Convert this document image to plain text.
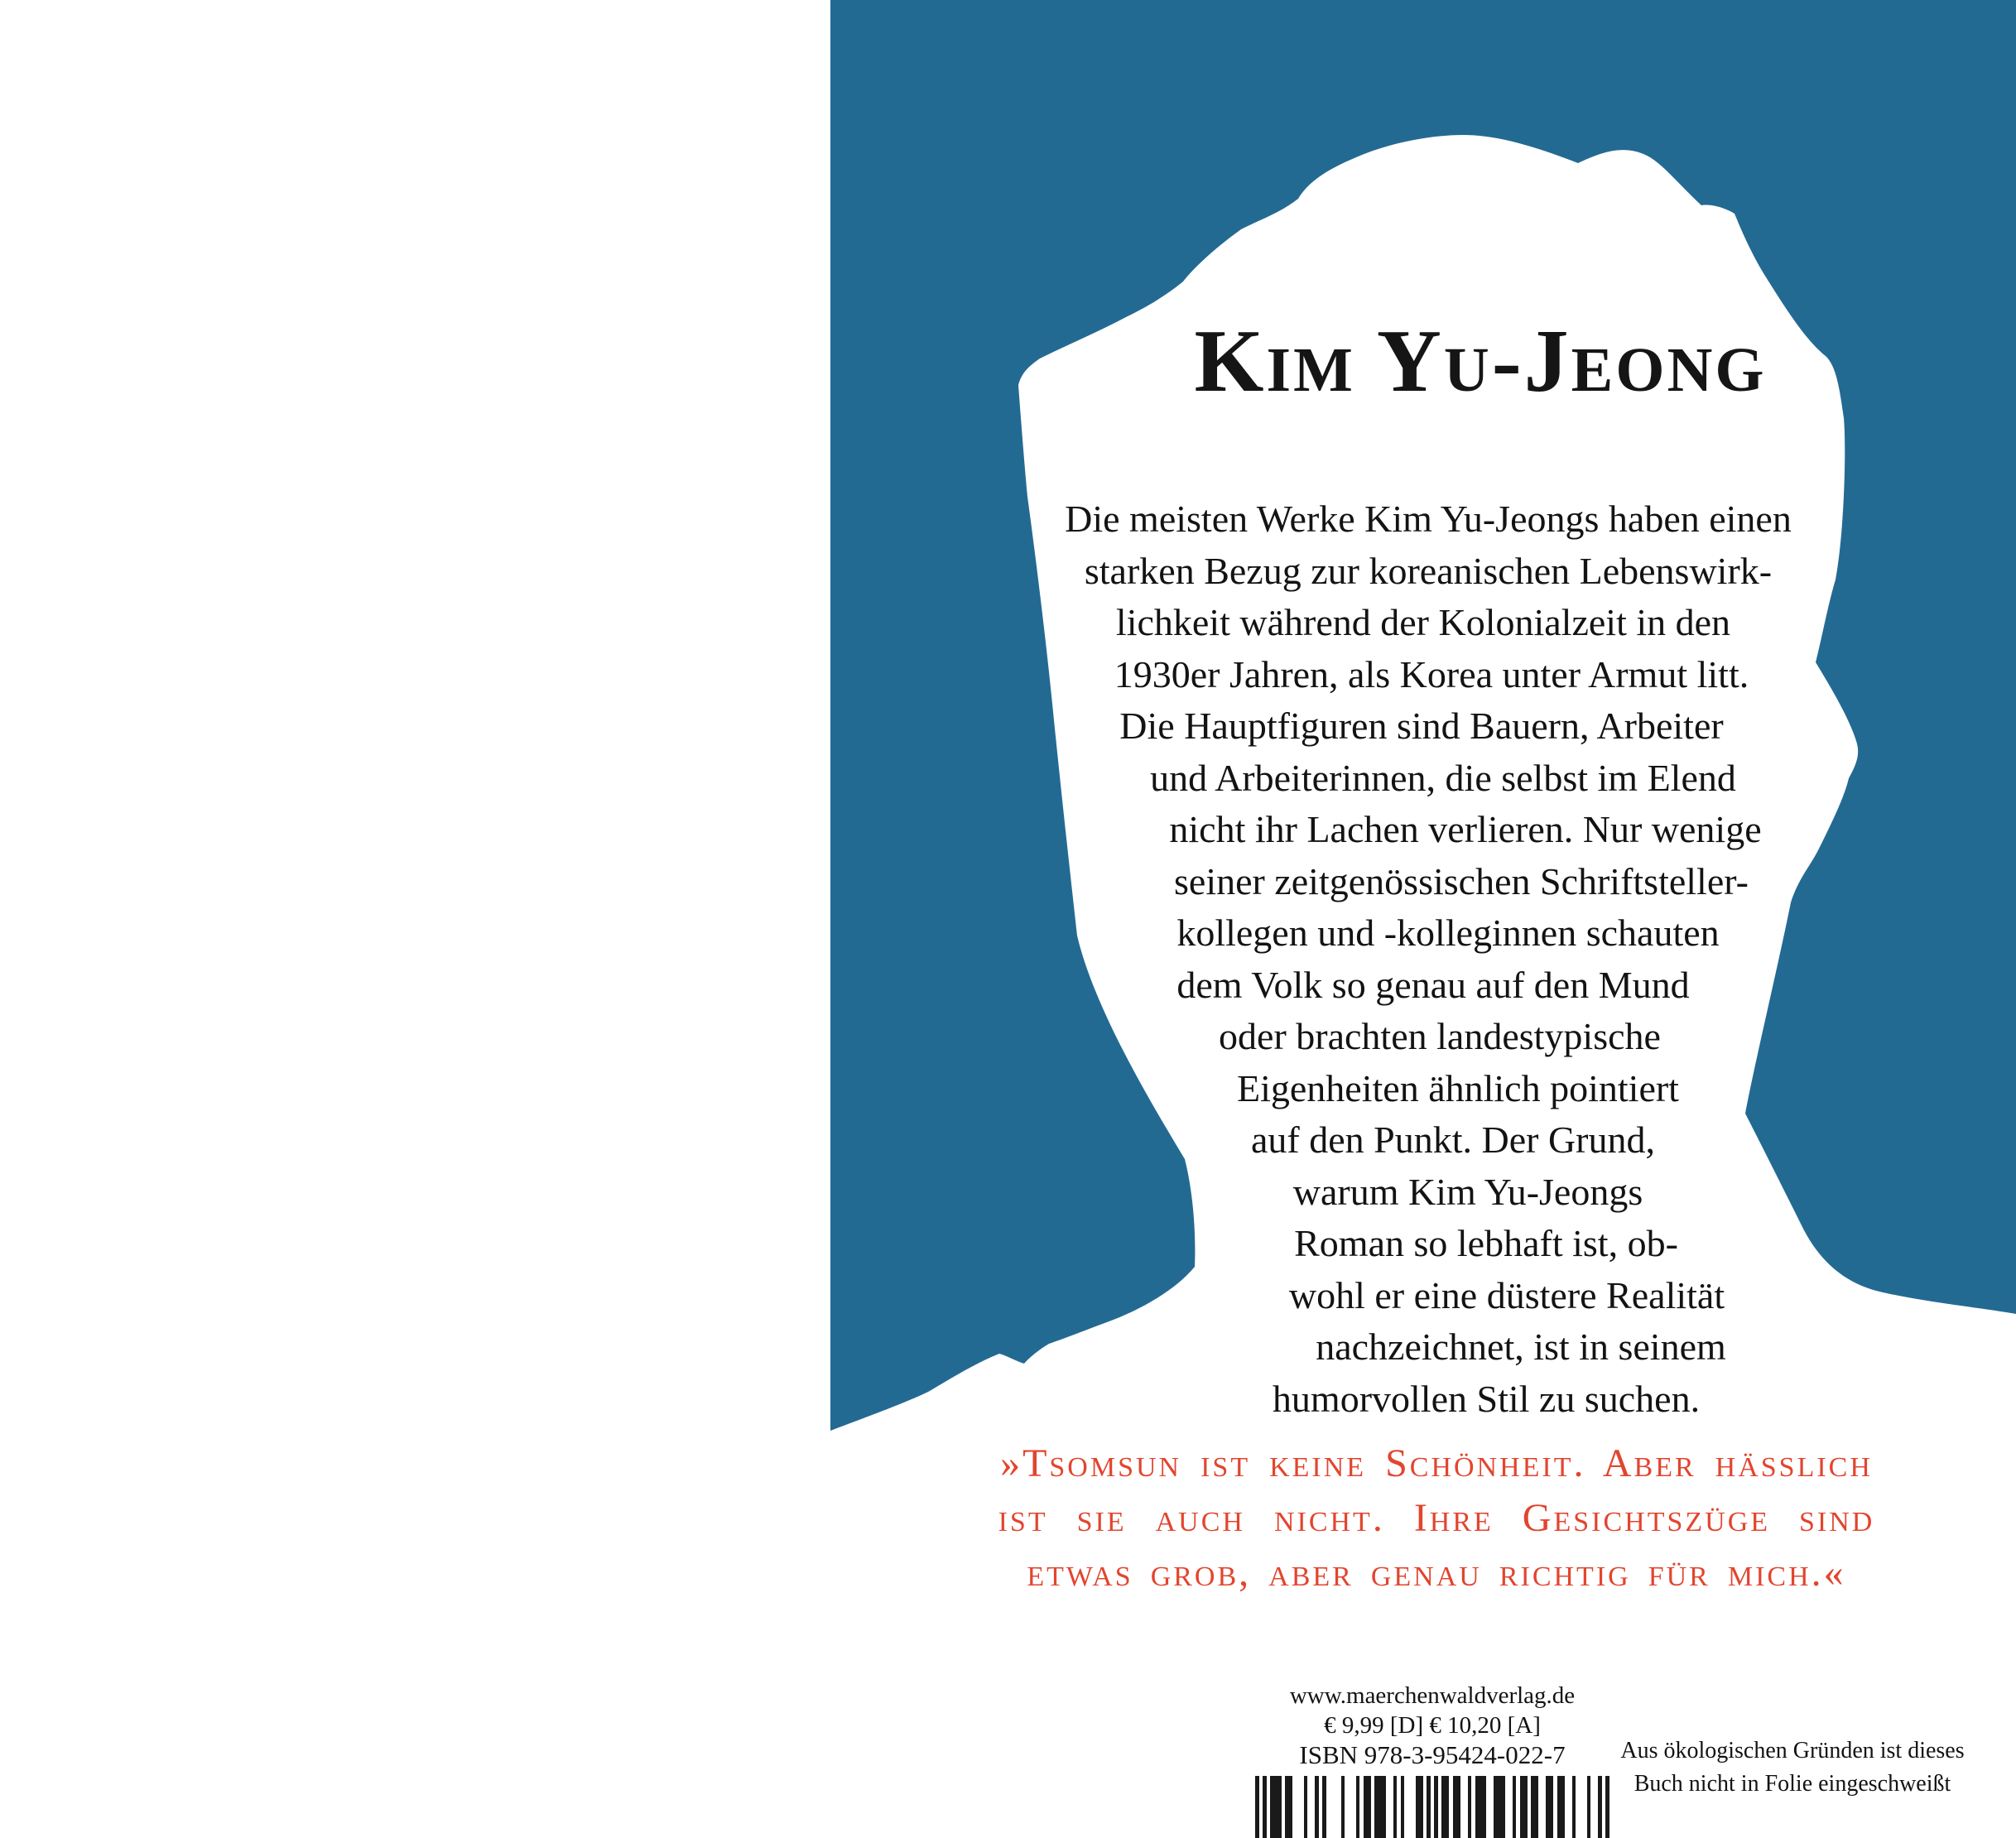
Kim Yu-Jeong
Die meisten Werke Kim Yu-Jeongs haben einen
starken Bezug zur koreanischen Lebenswirk-
lichkeit während der Kolonialzeit in den
1930er Jahren, als Korea unter Armut litt.
Die Hauptfiguren sind Bauern, Arbeiter
und Arbeiterinnen, die selbst im Elend
nicht ihr Lachen verlieren. Nur wenige
seiner zeitgenössischen Schriftsteller-
kollegen und -kolleginnen schauten
dem Volk so genau auf den Mund
oder brachten landestypische
Eigenheiten ähnlich pointiert
auf den Punkt. Der Grund,
warum Kim Yu-Jeongs
Roman so lebhaft ist, ob-
wohl er eine düstere Realität
nachzeichnet, ist in seinem
humorvollen Stil zu suchen.
»Tsomsun ist keine Schönheit. Aber hässlich
ist sie auch nicht. Ihre Gesichtszüge sind
etwas grob, aber genau richtig für mich.«
www.maerchenwaldverlag.de
€ 9,99 [D] € 10,20 [A]
ISBN 978-3-95424-022-7	Aus ökologischen Gründen ist dieses
Buch nicht in Folie eingeschweißt
